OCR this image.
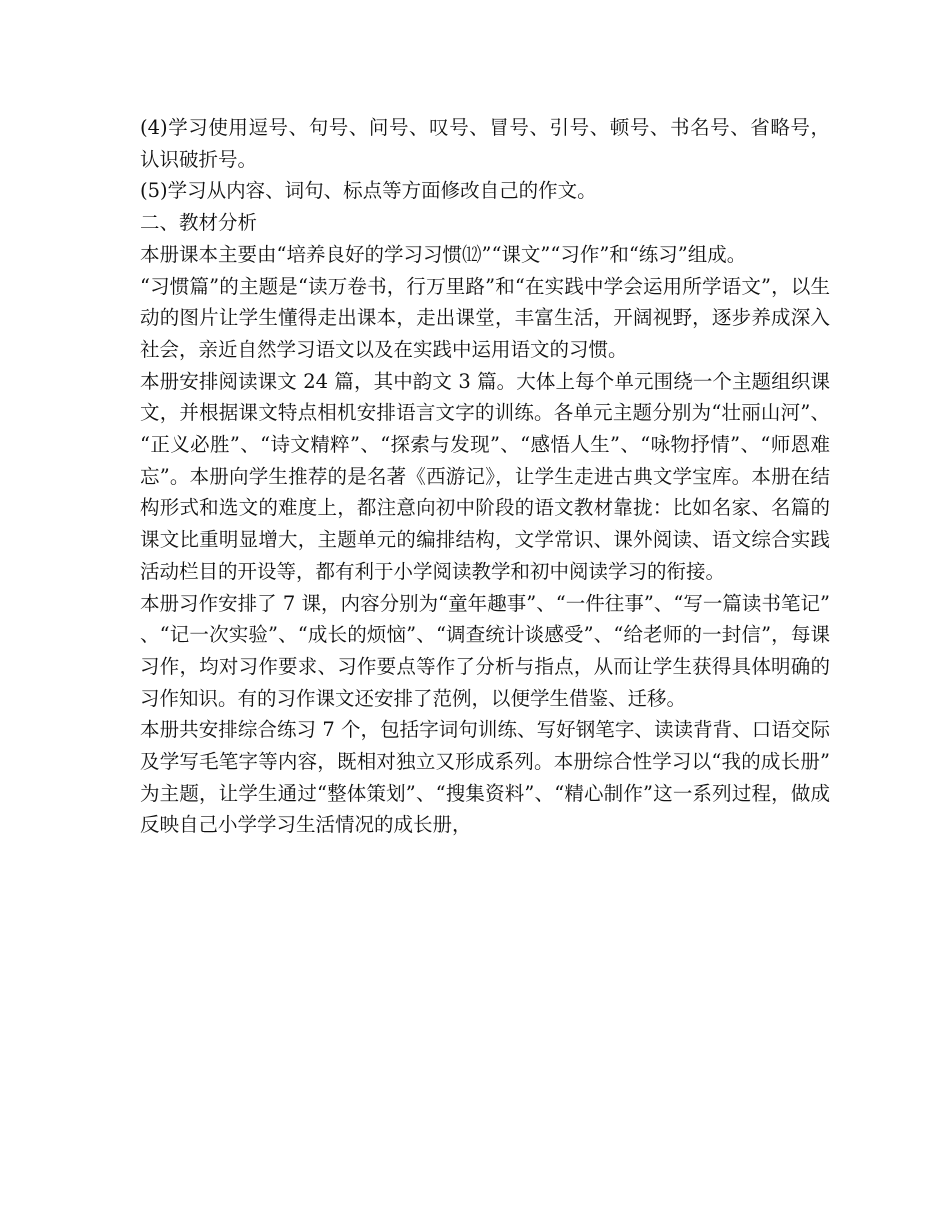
(4)学习使用逗号、句号、问号、叹号、冒号、引号、顿号、书名号、省略号，认识破折号。

(5)学习从内容、词句、标点等方面修改自己的作文。

二、教材分析

本册课本主要由“培养良好的学习习惯⑿”“课文”“习作”和“练习”组成。

“习惯篇”的主题是“读万卷书，行万里路”和“在实践中学会运用所学语文”，以生动的图片让学生懂得走出课本，走出课堂，丰富生活，开阔视野，逐步养成深入社会，亲近自然学习语文以及在实践中运用语文的习惯。

本册安排阅读课文 24 篇，其中韵文 3 篇。大体上每个单元围绕一个主题组织课文，并根据课文特点相机安排语言文字的训练。各单元主题分别为“壮丽山河”、“正义必胜”、“诗文精粹”、“探索与发现”、“感悟人生”、“咏物抒情”、“师恩难忘”。本册向学生推荐的是名著《西游记》，让学生走进古典文学宝库。本册在结构形式和选文的难度上，都注意向初中阶段的语文教材靠拢：比如名家、名篇的课文比重明显增大，主题单元的编排结构，文学常识、课外阅读、语文综合实践活动栏目的开设等，都有利于小学阅读教学和初中阅读学习的衔接。

本册习作安排了 7 课，内容分别为“童年趣事”、“一件往事”、“写一篇读书笔记”、“记一次实验”、“成长的烦恼”、“调查统计谈感受”、“给老师的一封信”，每课习作，均对习作要求、习作要点等作了分析与指点，从而让学生获得具体明确的习作知识。有的习作课文还安排了范例，以便学生借鉴、迁移。

本册共安排综合练习 7 个，包括字词句训练、写好钢笔字、读读背背、口语交际及学写毛笔字等内容，既相对独立又形成系列。本册综合性学习以“我的成长册”为主题，让学生通过“整体策划”、“搜集资料”、“精心制作”这一系列过程，做成反映自己小学学习生活情况的成长册，
